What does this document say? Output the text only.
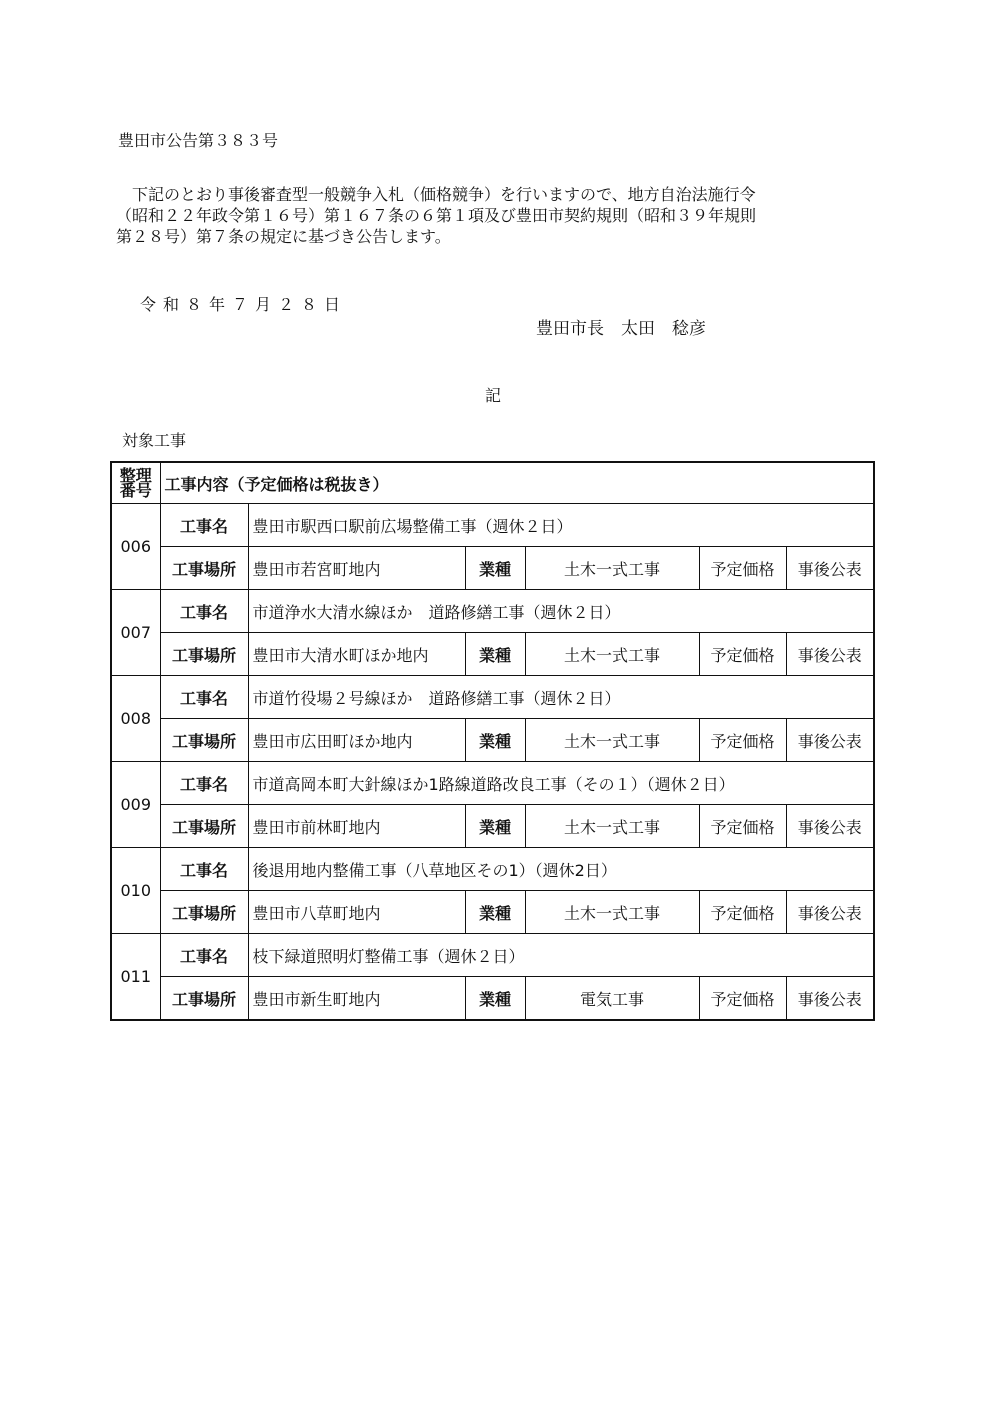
豊田市公告第３８３号
　下記のとおり事後審査型一般競争入札（価格競争）を行いますので、地方自治法施行令
（昭和２２年政令第１６号）第１６７条の６第１項及び豊田市契約規則（昭和３９年規則
第２８号）第７条の規定に基づき公告します。
令和８年７月２８日
豊田市長　太田　稔彦
記
対象工事
整理
番号	工事内容（予定価格は税抜き）					
006	工事名	豊田市駅西口駅前広場整備工事（週休２日）				
	工事場所	豊田市若宮町地内	業種	土木一式工事	予定価格	事後公表
007	工事名	市道浄水大清水線ほか　道路修繕工事（週休２日）				
	工事場所	豊田市大清水町ほか地内	業種	土木一式工事	予定価格	事後公表
008	工事名	市道竹役場２号線ほか　道路修繕工事（週休２日）				
	工事場所	豊田市広田町ほか地内	業種	土木一式工事	予定価格	事後公表
009	工事名	市道高岡本町大針線ほか1路線道路改良工事（その１）（週休２日）				
	工事場所	豊田市前林町地内	業種	土木一式工事	予定価格	事後公表
010	工事名	後退用地内整備工事（八草地区その1）（週休2日）				
	工事場所	豊田市八草町地内	業種	土木一式工事	予定価格	事後公表
011	工事名	枝下緑道照明灯整備工事（週休２日）				
	工事場所	豊田市新生町地内	業種	電気工事	予定価格	事後公表
